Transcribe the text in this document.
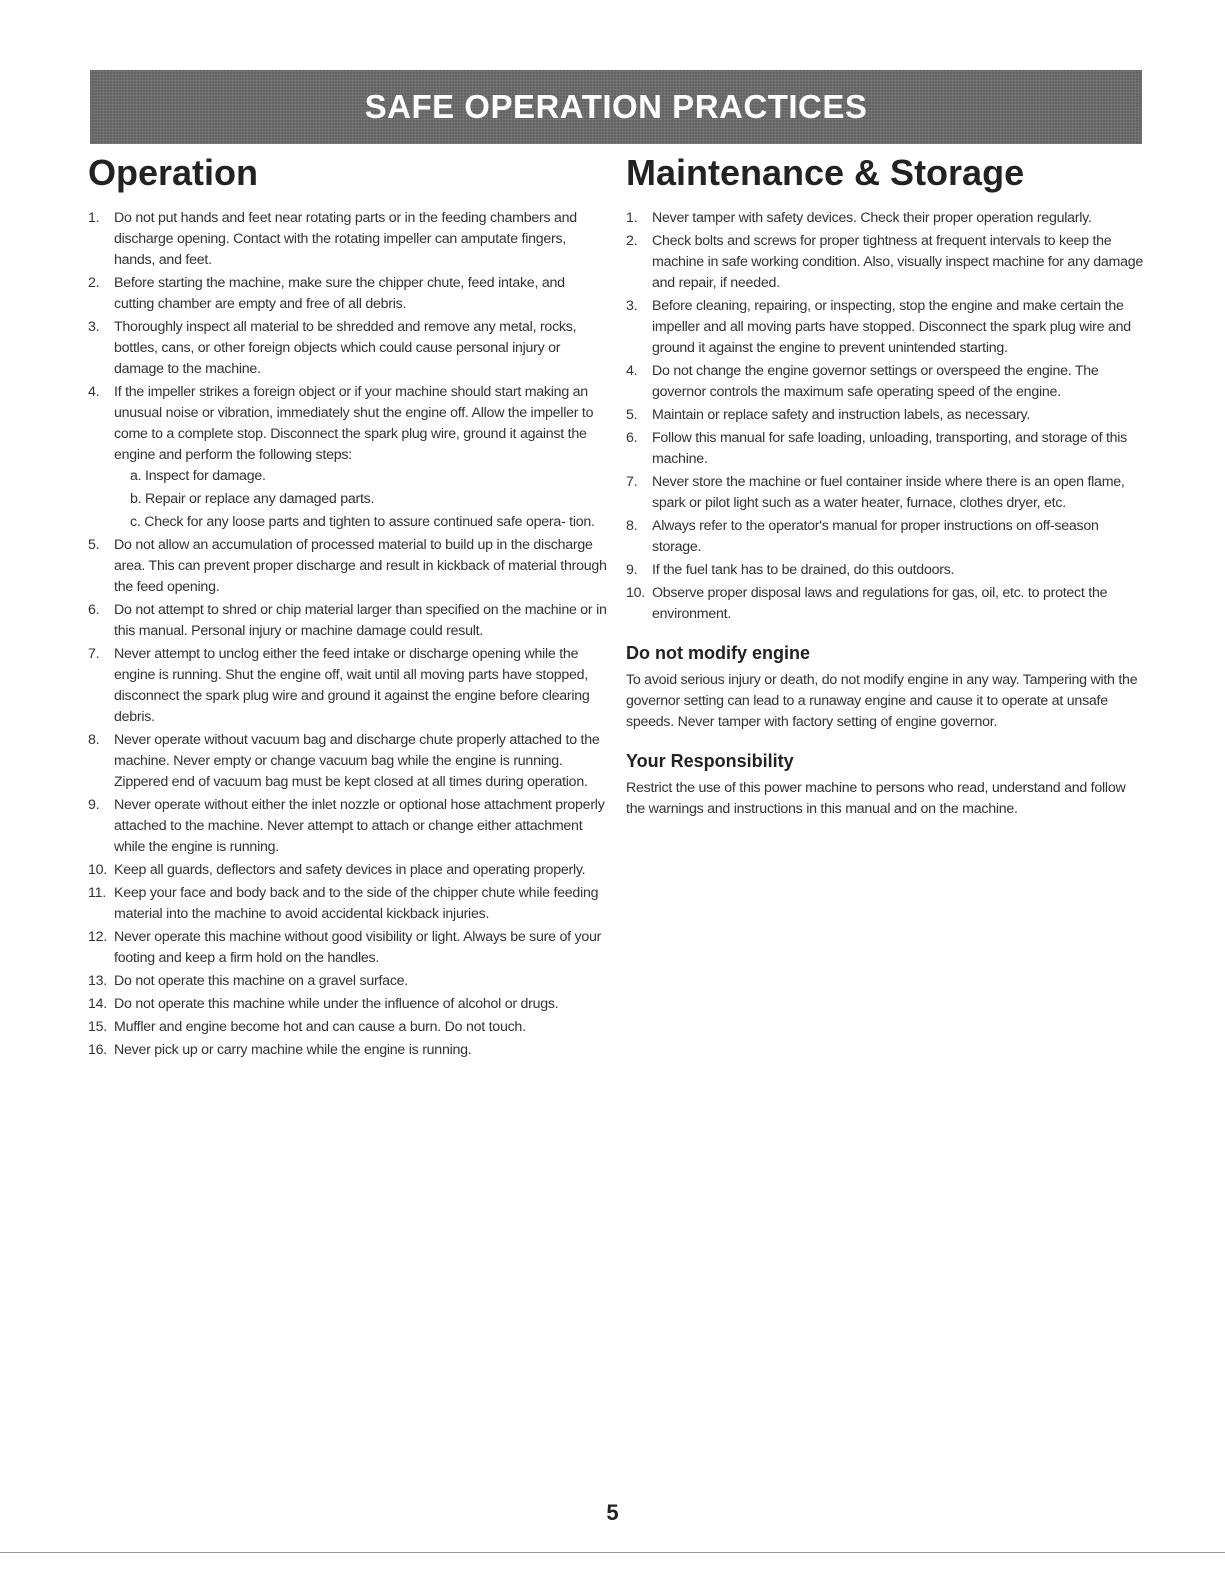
SAFE OPERATION PRACTICES
Operation
1. Do not put hands and feet near rotating parts or in the feeding chambers and discharge opening. Contact with the rotating impeller can amputate fingers, hands, and feet.
2. Before starting the machine, make sure the chipper chute, feed intake, and cutting chamber are empty and free of all debris.
3. Thoroughly inspect all material to be shredded and remove any metal, rocks, bottles, cans, or other foreign objects which could cause personal injury or damage to the machine.
4. If the impeller strikes a foreign object or if your machine should start making an unusual noise or vibration, immediately shut the engine off. Allow the impeller to come to a complete stop. Disconnect the spark plug wire, ground it against the engine and perform the following steps:
a. Inspect for damage.
b. Repair or replace any damaged parts.
c. Check for any loose parts and tighten to assure continued safe opera- tion.
5. Do not allow an accumulation of processed material to build up in the discharge area. This can prevent proper discharge and result in kickback of material through the feed opening.
6. Do not attempt to shred or chip material larger than specified on the machine or in this manual. Personal injury or machine damage could result.
7. Never attempt to unclog either the feed intake or discharge opening while the engine is running. Shut the engine off, wait until all moving parts have stopped, disconnect the spark plug wire and ground it against the engine before clearing debris.
8. Never operate without vacuum bag and discharge chute properly attached to the machine. Never empty or change vacuum bag while the engine is running. Zippered end of vacuum bag must be kept closed at all times during operation.
9. Never operate without either the inlet nozzle or optional hose attachment properly attached to the machine. Never attempt to attach or change either attachment while the engine is running.
10. Keep all guards, deflectors and safety devices in place and operating properly.
11. Keep your face and body back and to the side of the chipper chute while feeding material into the machine to avoid accidental kickback injuries.
12. Never operate this machine without good visibility or light. Always be sure of your footing and keep a firm hold on the handles.
13. Do not operate this machine on a gravel surface.
14. Do not operate this machine while under the influence of alcohol or drugs.
15. Muffler and engine become hot and can cause a burn. Do not touch.
16. Never pick up or carry machine while the engine is running.
Maintenance & Storage
1. Never tamper with safety devices. Check their proper operation regularly.
2. Check bolts and screws for proper tightness at frequent intervals to keep the machine in safe working condition. Also, visually inspect machine for any damage and repair, if needed.
3. Before cleaning, repairing, or inspecting, stop the engine and make certain the impeller and all moving parts have stopped. Disconnect the spark plug wire and ground it against the engine to prevent unintended starting.
4. Do not change the engine governor settings or overspeed the engine. The governor controls the maximum safe operating speed of the engine.
5. Maintain or replace safety and instruction labels, as necessary.
6. Follow this manual for safe loading, unloading, transporting, and storage of this machine.
7. Never store the machine or fuel container inside where there is an open flame, spark or pilot light such as a water heater, furnace, clothes dryer, etc.
8. Always refer to the operator's manual for proper instructions on off-season storage.
9. If the fuel tank has to be drained, do this outdoors.
10. Observe proper disposal laws and regulations for gas, oil, etc. to protect the environment.
Do not modify engine

To avoid serious injury or death, do not modify engine in any way. Tampering with the governor setting can lead to a runaway engine and cause it to operate at unsafe speeds. Never tamper with factory setting of engine governor.

Your Responsibility

Restrict the use of this power machine to persons who read, understand and follow the warnings and instructions in this manual and on the machine.

5
